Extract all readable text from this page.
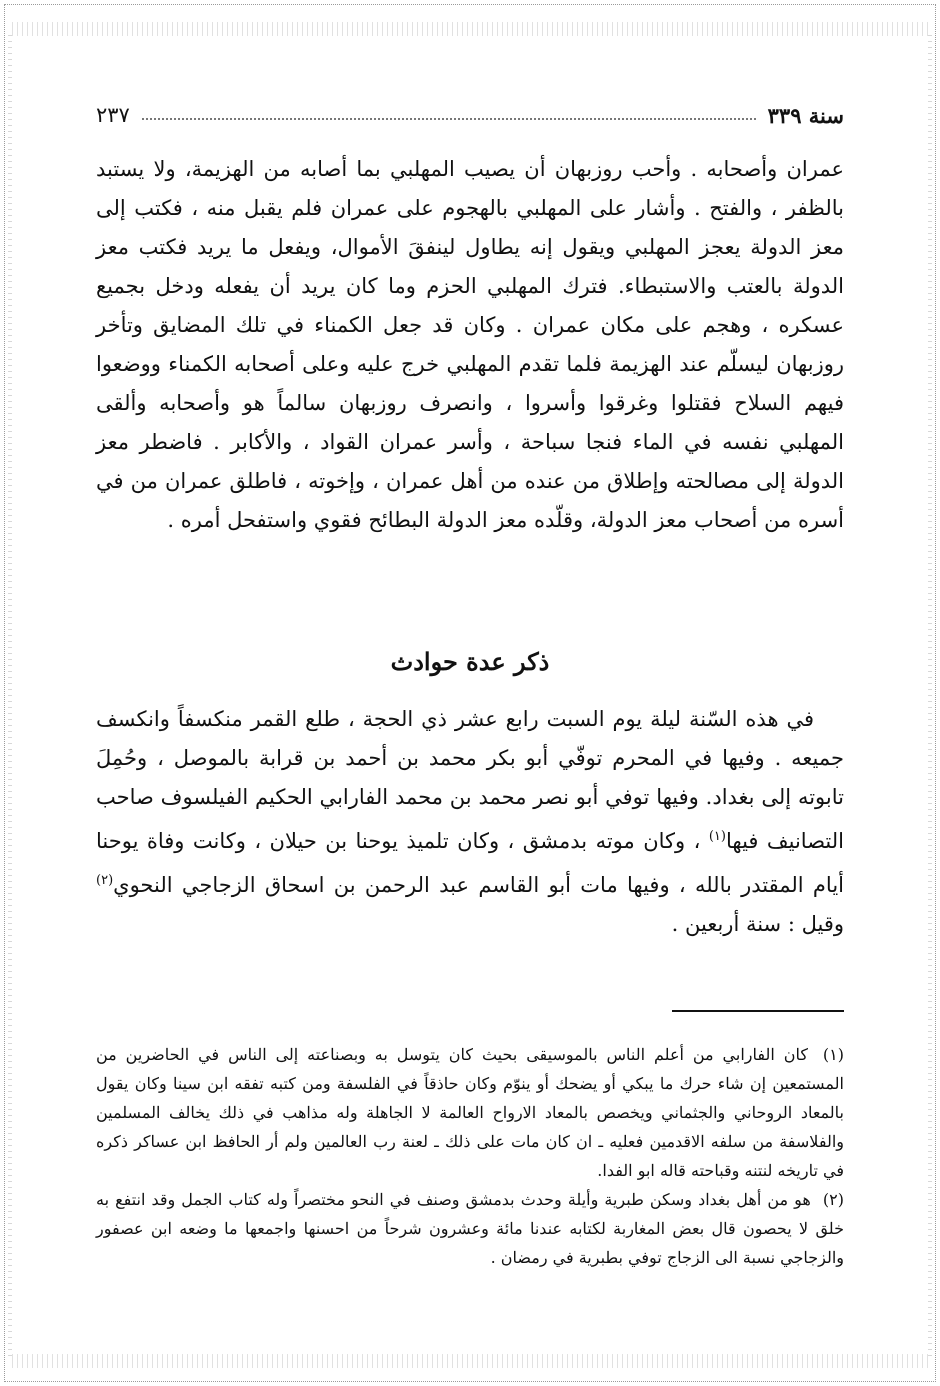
سنة ٣٣٩
٢٣٧

عمران وأصحابه . وأحب روزبهان أن يصيب المهلبي بما أصابه من الهزيمة، ولا يستبد بالظفر ، والفتح . وأشار على المهلبي بالهجوم على عمران فلم يقبل منه ، فكتب إلى معز الدولة يعجز المهلبي ويقول إنه يطاول لينفقَ الأموال، ويفعل ما يريد فكتب معز الدولة بالعتب والاستبطاء. فترك المهلبي الحزم وما كان يريد أن يفعله ودخل بجميع عسكره ، وهجم على مكان عمران . وكان قد جعل الكمناء في تلك المضايق وتأخر روزبهان ليسلّم عند الهزيمة فلما تقدم المهلبي خرج عليه وعلى أصحابه الكمناء ووضعوا فيهم السلاح فقتلوا وغرقوا وأسروا ، وانصرف روزبهان سالماً هو وأصحابه وألقى المهلبي نفسه في الماء فنجا سباحة ، وأسر عمران القواد ، والأكابر . فاضطر معز الدولة إلى مصالحته وإطلاق من عنده من أهل عمران ، وإخوته ، فاطلق عمران من في أسره من أصحاب معز الدولة، وقلّده معز الدولة البطائح فقوي واستفحل أمره .

ذكر عدة حوادث

في هذه السّنة ليلة يوم السبت رابع عشر ذي الحجة ، طلع القمر منكسفاً وانكسف جميعه . وفيها في المحرم توفّي أبو بكر محمد بن أحمد بن قرابة بالموصل ، وحُمِلَ تابوته إلى بغداد. وفيها توفي أبو نصر محمد بن محمد الفارابي الحكيم الفيلسوف صاحب التصانيف فيها$^{(١)}$ ، وكان موته بدمشق ، وكان تلميذ يوحنا بن حيلان ، وكانت وفاة يوحنا أيام المقتدر بالله ، وفيها مات أبو القاسم عبد الرحمن بن اسحاق الزجاجي النحوي$^{(٢)}$ وقيل : سنة أربعين .

(١) كان الفارابي من أعلم الناس بالموسيقى بحيث كان يتوسل به وبصناعته إلى الناس في الحاضرين من المستمعين إن شاء حرك ما يبكي أو يضحك أو ينوّم وكان حاذقاً في الفلسفة ومن كتبه تفقه ابن سينا وكان يقول بالمعاد الروحاني والجثماني ويخصص بالمعاد الارواح العالمة لا الجاهلة وله مذاهب في ذلك يخالف المسلمين والفلاسفة من سلفه الاقدمين فعليه ـ ان كان مات على ذلك ـ لعنة رب العالمين ولم أر الحافظ ابن عساكر ذكره في تاريخه لنتنه وقباحته قاله ابو الفدا.

(٢) هو من أهل بغداد وسكن طبرية وأيلة وحدث بدمشق وصنف في النحو مختصراً وله كتاب الجمل وقد انتفع به خلق لا يحصون قال بعض المغاربة لكتابه عندنا مائة وعشرون شرحاً من احسنها واجمعها ما وضعه ابن عصفور والزجاجي نسبة الى الزجاج توفي بطبرية في رمضان .
